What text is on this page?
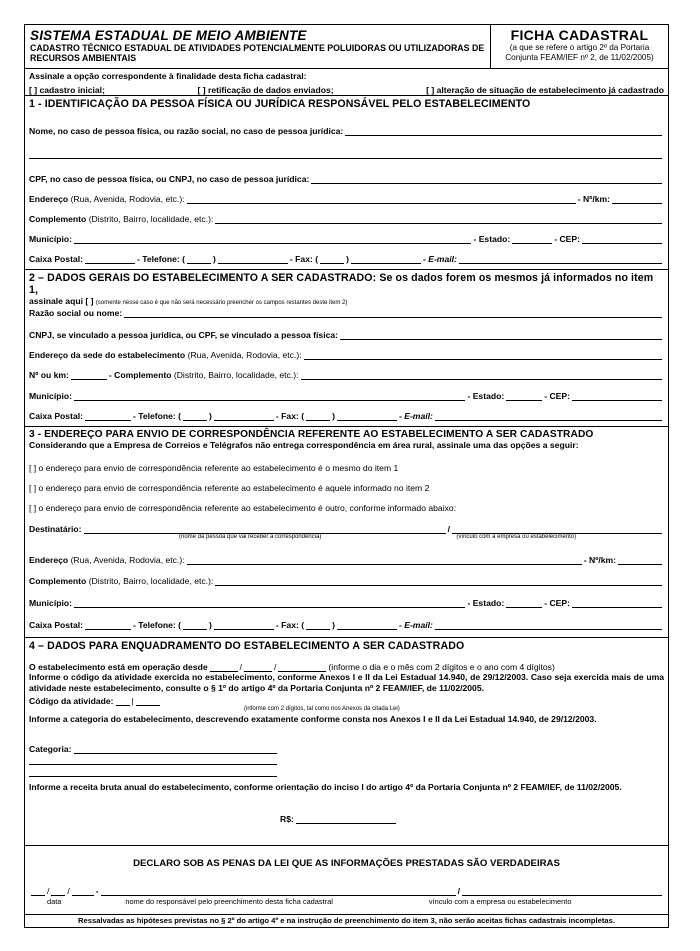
SISTEMA ESTADUAL DE MEIO AMBIENTE
CADASTRO TÉCNICO ESTADUAL DE ATIVIDADES POTENCIALMENTE POLUIDORAS OU UTILIZADORAS DE RECURSOS AMBIENTAIS
FICHA CADASTRAL
(a que se refere o artigo 2º da Portaria Conjunta FEAM/IEF nº 2, de 11/02/2005)
Assinale a opção correspondente à finalidade desta ficha cadastral:
[ ] cadastro inicial;	[ ] retificação de dados enviados;	[ ] alteração de situação de estabelecimento já cadastrado
1 - IDENTIFICAÇÃO DA PESSOA FÍSICA OU JURÍDICA RESPONSÁVEL PELO ESTABELECIMENTO
Nome, no caso de pessoa física, ou razão social, no caso de pessoa jurídica:
CPF, no caso de pessoa física, ou CNPJ, no caso de pessoa jurídica:
Endereço
(Rua, Avenida, Rodovia, etc.):	- Nº/km:
Complemento
(Distrito, Bairro, localidade, etc.):
Município:	- Estado:	- CEP:
Caixa Postal:	- Telefone: (	)	- Fax: (	)	- E-mail:
2 – DADOS GERAIS DO ESTABELECIMENTO A SER CADASTRADO: Se os dados forem os mesmos já informados no item 1,
assinale aqui [ ] (somente nesse caso é que não será necessário preencher os campos restantes deste item 2)
Razão social ou nome:
CNPJ, se vinculado a pessoa jurídica, ou CPF, se vinculado a pessoa física:
Endereço da sede do estabelecimento
(Rua, Avenida, Rodovia, etc.):
Nº ou km:	- Complemento
(Distrito, Bairro, localidade, etc.):
Município:	- Estado:	- CEP:
Caixa Postal:	- Telefone: (	)	- Fax: (	)	- E-mail:
3 - ENDEREÇO PARA ENVIO DE CORRESPONDÊNCIA REFERENTE AO ESTABELECIMENTO A SER CADASTRADO
Considerando que a Empresa de Correios e Telégrafos não entrega correspondência em área rural, assinale uma das opções a seguir:
[ ] o endereço para envio de correspondência referente ao estabelecimento é o mesmo do item 1
[ ] o endereço para envio de correspondência referente ao estabelecimento é aquele informado no item 2
[ ] o endereço para envio de correspondência referente ao estabelecimento é outro, conforme informado abaixo:
Destinatário:	/
(nome da pessoa que vai receber a correspondência)	(vínculo com a empresa ou estabelecimento)
Endereço
(Rua, Avenida, Rodovia, etc.):	- Nº/km:
Complemento
(Distrito, Bairro, localidade, etc.):
Município:	- Estado:	- CEP:
Caixa Postal:	- Telefone: (	)	- Fax: (	)	- E-mail:
4 – DADOS PARA ENQUADRAMENTO DO ESTABELECIMENTO A SER CADASTRADO
O estabelecimento está em operação desde	/	/	(informe o dia e o mês com 2 dígitos e o ano com 4 dígitos)
Informe o código da atividade exercida no estabelecimento, conforme Anexos I e II da Lei Estadual 14.940, de 29/12/2003. Caso seja exercida mais de uma atividade neste estabelecimento, consulte o § 1º do artigo 4º da Portaria Conjunta nº 2 FEAM/IEF, de 11/02/2005.
Código da atividade: |
(informe com 2 dígitos, tal como nos Anexos da citada Lei)
Informe a categoria do estabelecimento, descrevendo exatamente conforme consta nos Anexos I e II da Lei Estadual 14.940, de 29/12/2003.
Categoria:
Informe a receita bruta anual do estabelecimento, conforme orientação do inciso I do artigo 4º da Portaria Conjunta nº 2 FEAM/IEF, de 11/02/2005.
R$:
DECLARO SOB AS PENAS DA LEI QUE AS INFORMAÇÕES PRESTADAS SÃO VERDADEIRAS
/
/	-	/
data	nome do responsável pelo preenchimento desta ficha cadastral	vínculo com a empresa ou estabelecimento
Ressalvadas as hipóteses previstas no § 2º do artigo 4º e na instrução de preenchimento do item 3, não serão aceitas fichas cadastrais incompletas.
